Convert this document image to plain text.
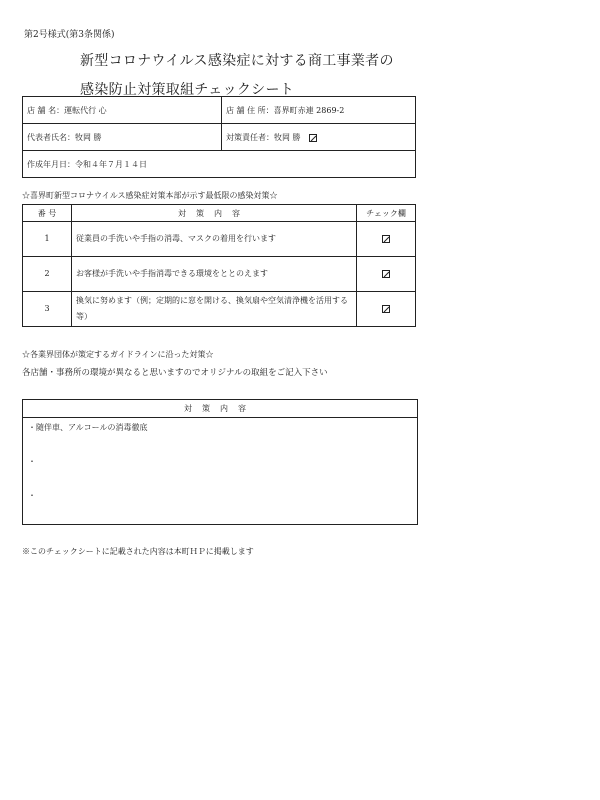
第2号様式(第3条関係)
新型コロナウイルス感染症に対する商工事業者の
感染防止対策取組チェックシート
店 舗 名：運転代行 心	店 舗 住 所：喜界町赤連 2869-2
代表者氏名：牧岡 勝	対策責任者：牧岡 勝
作成年月日：令和４年７月１４日	
☆喜界町新型コロナウイルス感染症対策本部が示す最低限の感染対策☆
番 号	対策内容	チェック欄
1	従業員の手洗いや手指の消毒、マスクの着用を行います	
2	お客様が手洗いや手指消毒できる環境をととのえます	
3	換気に努めます（例；定期的に窓を開ける、換気扇や空気清浄機を活用する 等）	
☆各業界団体が策定するガイドラインに沿った対策☆
各店舗・事務所の環境が異なると思いますのでオリジナルの取組をご記入下さい
対策内容
・随伴車、アルコールの消毒徹底
・
・
※このチェックシートに記載された内容は本町ＨＰに掲載します
